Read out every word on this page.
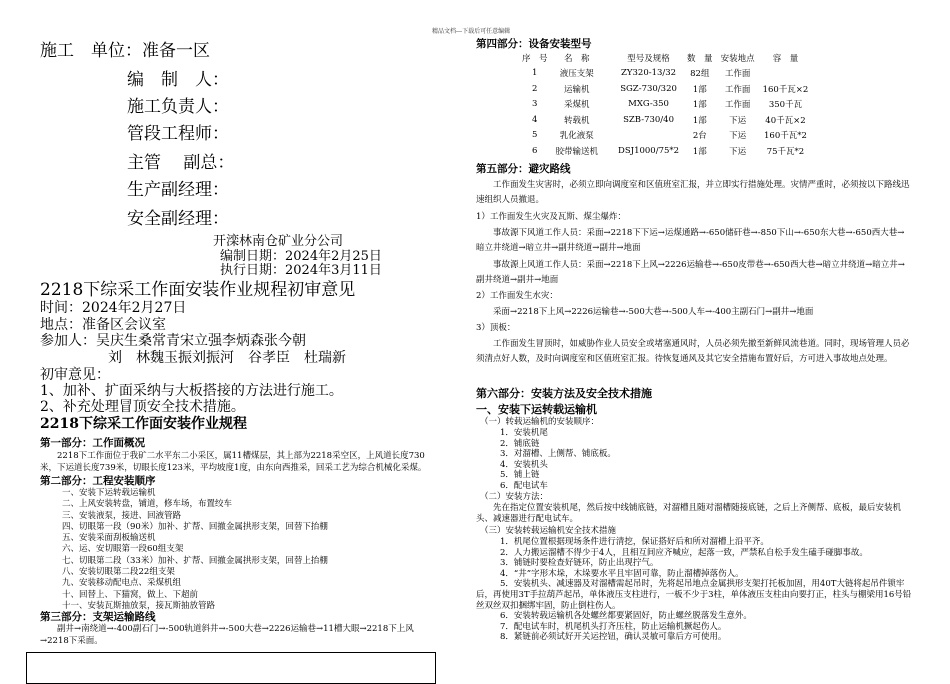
精品文档---下载后可任意编辑
施工　单位：准备一区
编　制　人：
施工负责人：
管段工程师：
主管　 副总：
生产副经理：
安全副经理：
开滦林南仓矿业分公司
编制日期：2024年2月25日
执行日期：2024年3月11日
2218下综采工作面安装作业规程初审意见
时间：2024年2月27日
地点：准备区会议室
参加人：吴庆生桑常青宋立强李炳森张今朝
刘　林魏玉振刘振河　谷孝臣　杜瑞新
初审意见：
1、加补、扩面采纳与大板搭接的方法进行施工。
2、补充处理冒顶安全技术措施。
2218下综采工作面安装作业规程
第一部分：工作面概况
2218下工作面位于我矿二水平东二小采区，属11槽煤层，其上部为2218采空区，上风道长度730米，下运道长度739米，切眼长度123米，平均坡度1度，由东向西推采，回采工艺为综合机械化采煤。
第二部分：工程安装顺序
一、安装下运转载运输机
二、上风安装转盘，铺道，修车场，布置绞车
三、安装液泵，接进、回液管路
四、切眼第一段（90米）加补、扩帮、回撤金属拱形支架，回替下抬棚
五、安装采面刮板输送机
六、运、安切眼第一段60组支架
七、切眼第二段（33米）加补、扩帮、回撤金属拱形支架，回替上抬棚
八、安装切眼第二段22组支架
九、安装移动配电点、采煤机组
十、回替上、下猫窝，做上、下超前
十一、安装瓦斯抽放泵，接瓦斯抽放管路
第三部分：支架运输路线
副井→南绕道→-400副石门→-500轨道斜井→-500大巷→2226运输巷→11槽大眼→2218下上风→2218下采面。
第四部分：设备安装型号
序　号	名　称	型号及规格	数　量	安装地点	容　量
1	液压支架	ZY320-13/32	82组	工作面	
2	运输机	SGZ-730/320	1部	工作面	160千瓦×2
3	采煤机	MXG-350	1部	工作面	350千瓦
4	转载机	SZB-730/40	1部	下运	40千瓦×2
5	乳化液泵		2台	下运	160千瓦*2
6	胶带输送机	DSJ1000/75*2	1部	下运	75千瓦*2
第五部分：避灾路线
工作面发生灾害时，必须立即向调度室和区值班室汇报，并立即实行措施处理。灾情严重时，必须按以下路线迅速组织人员撤退。
1）工作面发生火灾及瓦斯、煤尘爆炸：
事故源下风道工作人员：采面→2218下下运→运煤通路→-650储矸巷→-850下山→-650东大巷→-650西大巷→暗立井绕道→暗立井→副井绕道→副井→地面
事故源上风道工作人员：采面→2218下上风→2226运输巷→-650皮带巷→-650西大巷→暗立井绕道→暗立井→副井绕道→副井→地面
2）工作面发生水灾：
采面→2218下上风→2226运输巷→-500大巷→-500人车→-400主副石门→副井→地面
3）顶板：
工作面发生冒顶时，如威胁作业人员安全或堵塞通风时，人员必须先撤至新鲜风流巷道。同时，现场管理人员必须清点好人数，及时向调度室和区值班室汇报。待恢复通风及其它安全措施布置好后，方可进入事故地点处理。
第六部分：安装方法及安全技术措施
一、安装下运转载运输机
（一）转载运输机的安装顺序：
1．安装机尾
2．铺底链
3．对溜槽、上侧帮、铺底板。
4．安装机头
5．铺上链
6．配电试车
（二）安装方法：
先在指定位置安装机尾，然后按中线铺底链，对溜槽且随对溜槽随接底链，之后上齐侧帮、底板，最后安装机头、减速器进行配电试车。
（三）安装转载运输机安全技术措施
1．机尾位置根据现场条件进行清挖，保证搭好后和所对溜槽上沿平齐。
2．人力搬运溜槽不得少于4人，且相互间应齐喊应，起落一致，严禁私自松手发生磕手碰脚事故。
3．铺链时要检查好链环，防止出现拧气。
4．“井”字形木垛，木垛要水平且牢固可靠，防止溜槽掉落伤人。
5．安装机头、减速器及对溜槽需起吊时，先将起吊地点金属拱形支架打托板加固，用40T大链将起吊件锁牢后，再使用3T手拉葫芦起吊，单体液压支柱进行，一板不少于3柱，单体液压支柱由向要打正，柱头与棚梁用16号铅丝双丝双扣捆绑牢固，防止倒柱伤人。
6．安装转载运输机各处螺丝都要紧固好，防止螺丝脱落发生意外。
7．配电试车时，机尾机头打齐压柱，防止运输机撅起伤人。
8．紧链前必须试好开关运控钮，确认灵敏可靠后方可使用。
